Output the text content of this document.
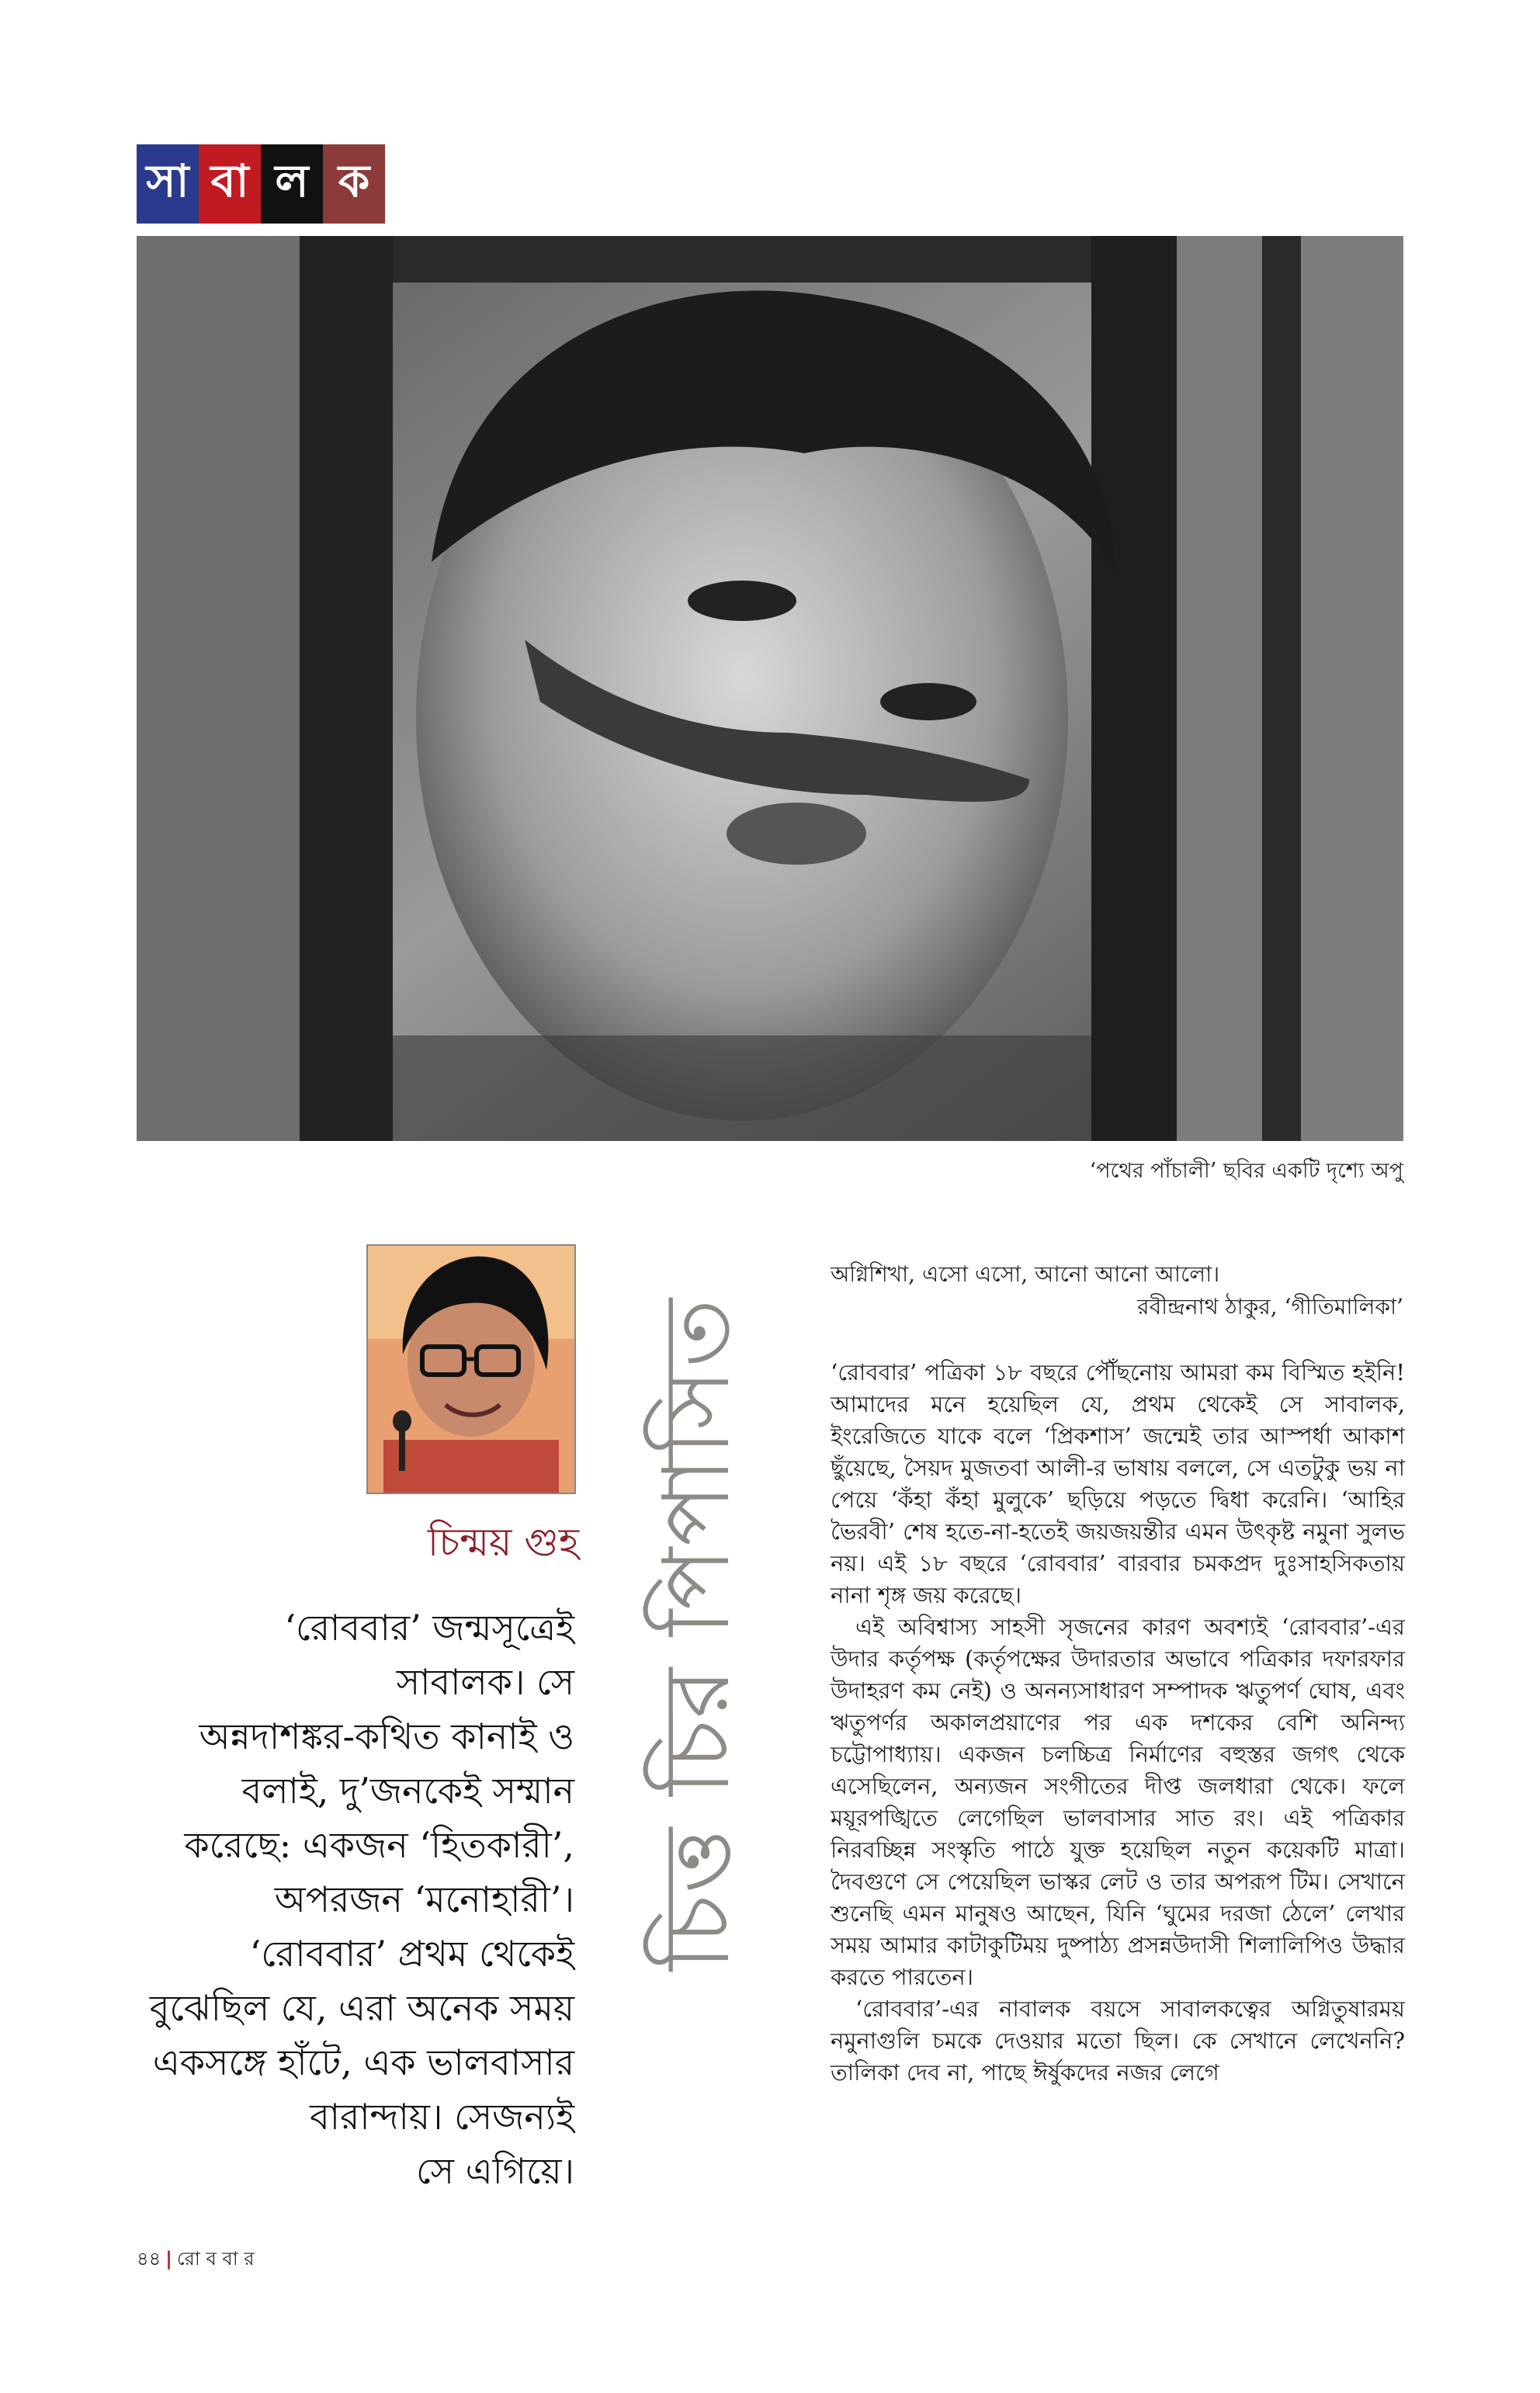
সা বা ল ক
‘পথের পাঁচালী’ ছবির একটি দৃশ্যে অপু
চিন্ময় গুহ
‘রোববার’ জন্মসূত্রেই
সাবালক। সে
অন্নদাশঙ্কর-কথিত কানাই ও
বলাই, দু’জনকেই সম্মান
করেছে: একজন ‘হিতকারী’,
অপরজন ‘মনোহারী’।
‘রোববার’ প্রথম থেকেই
বুঝেছিল যে, এরা অনেক সময়
একসঙ্গে হাঁটে, এক ভালবাসার
বারান্দায়। সেজন্যই
সে এগিয়ে।
চিত্ত চির পিপাসিত
অগ্নিশিখা, এসো এসো, আনো আনো আলো।
রবীন্দ্রনাথ ঠাকুর, ‘গীতিমালিকা’

‘রোববার’ পত্রিকা ১৮ বছরে পৌঁছনোয় আমরা কম বিস্মিত হইনি! আমাদের মনে হয়েছিল যে, প্রথম থেকেই সে সাবালক, ইংরেজিতে যাকে বলে ‘প্রিকশাস’ জন্মেই তার আস্পর্ধা আকাশ ছুঁয়েছে, সৈয়দ মুজতবা আলী-র ভাষায় বললে, সে এতটুকু ভয় না পেয়ে ‘কঁহা কঁহা মুলুকে’ ছড়িয়ে পড়তে দ্বিধা করেনি। ‘আহির ভৈরবী’ শেষ হতে-না-হতেই জয়জয়ন্তীর এমন উৎকৃষ্ট নমুনা সুলভ নয়। এই ১৮ বছরে ‘রোববার’ বারবার চমকপ্রদ দুঃসাহসিকতায় নানা শৃঙ্গ জয় করেছে।

এই অবিশ্বাস্য সাহসী সৃজনের কারণ অবশ্যই ‘রোববার’-এর উদার কর্তৃপক্ষ (কর্তৃপক্ষের উদারতার অভাবে পত্রিকার দফারফার উদাহরণ কম নেই) ও অনন্যসাধারণ সম্পাদক ঋতুপর্ণ ঘোষ, এবং ঋতুপর্ণর অকালপ্রয়াণের পর এক দশকের বেশি অনিন্দ্য চট্টোপাধ্যায়। একজন চলচ্চিত্র নির্মাণের বহুস্তর জগৎ থেকে এসেছিলেন, অন্যজন সংগীতের দীপ্ত জলধারা থেকে। ফলে ময়ূরপঙ্খিতে লেগেছিল ভালবাসার সাত রং। এই পত্রিকার নিরবচ্ছিন্ন সংস্কৃতি পাঠে যুক্ত হয়েছিল নতুন কয়েকটি মাত্রা। দৈবগুণে সে পেয়েছিল ভাস্কর লেট ও তার অপরূপ টিম। সেখানে শুনেছি এমন মানুষও আছেন, যিনি ‘ঘুমের দরজা ঠেলে’ লেখার সময় আমার কাটাকুটিময় দুষ্পাঠ্য প্রসন্নউদাসী শিলালিপিও উদ্ধার করতে পারতেন।

‘রোববার’-এর নাবালক বয়সে সাবালকত্বের অগ্নিতুষারময় নমুনাগুলি চমকে দেওয়ার মতো ছিল। কে সেখানে লেখেননি? তালিকা দেব না, পাছে ঈর্ষুকদের নজর লেগে

৪৪ | রো ব বা র
